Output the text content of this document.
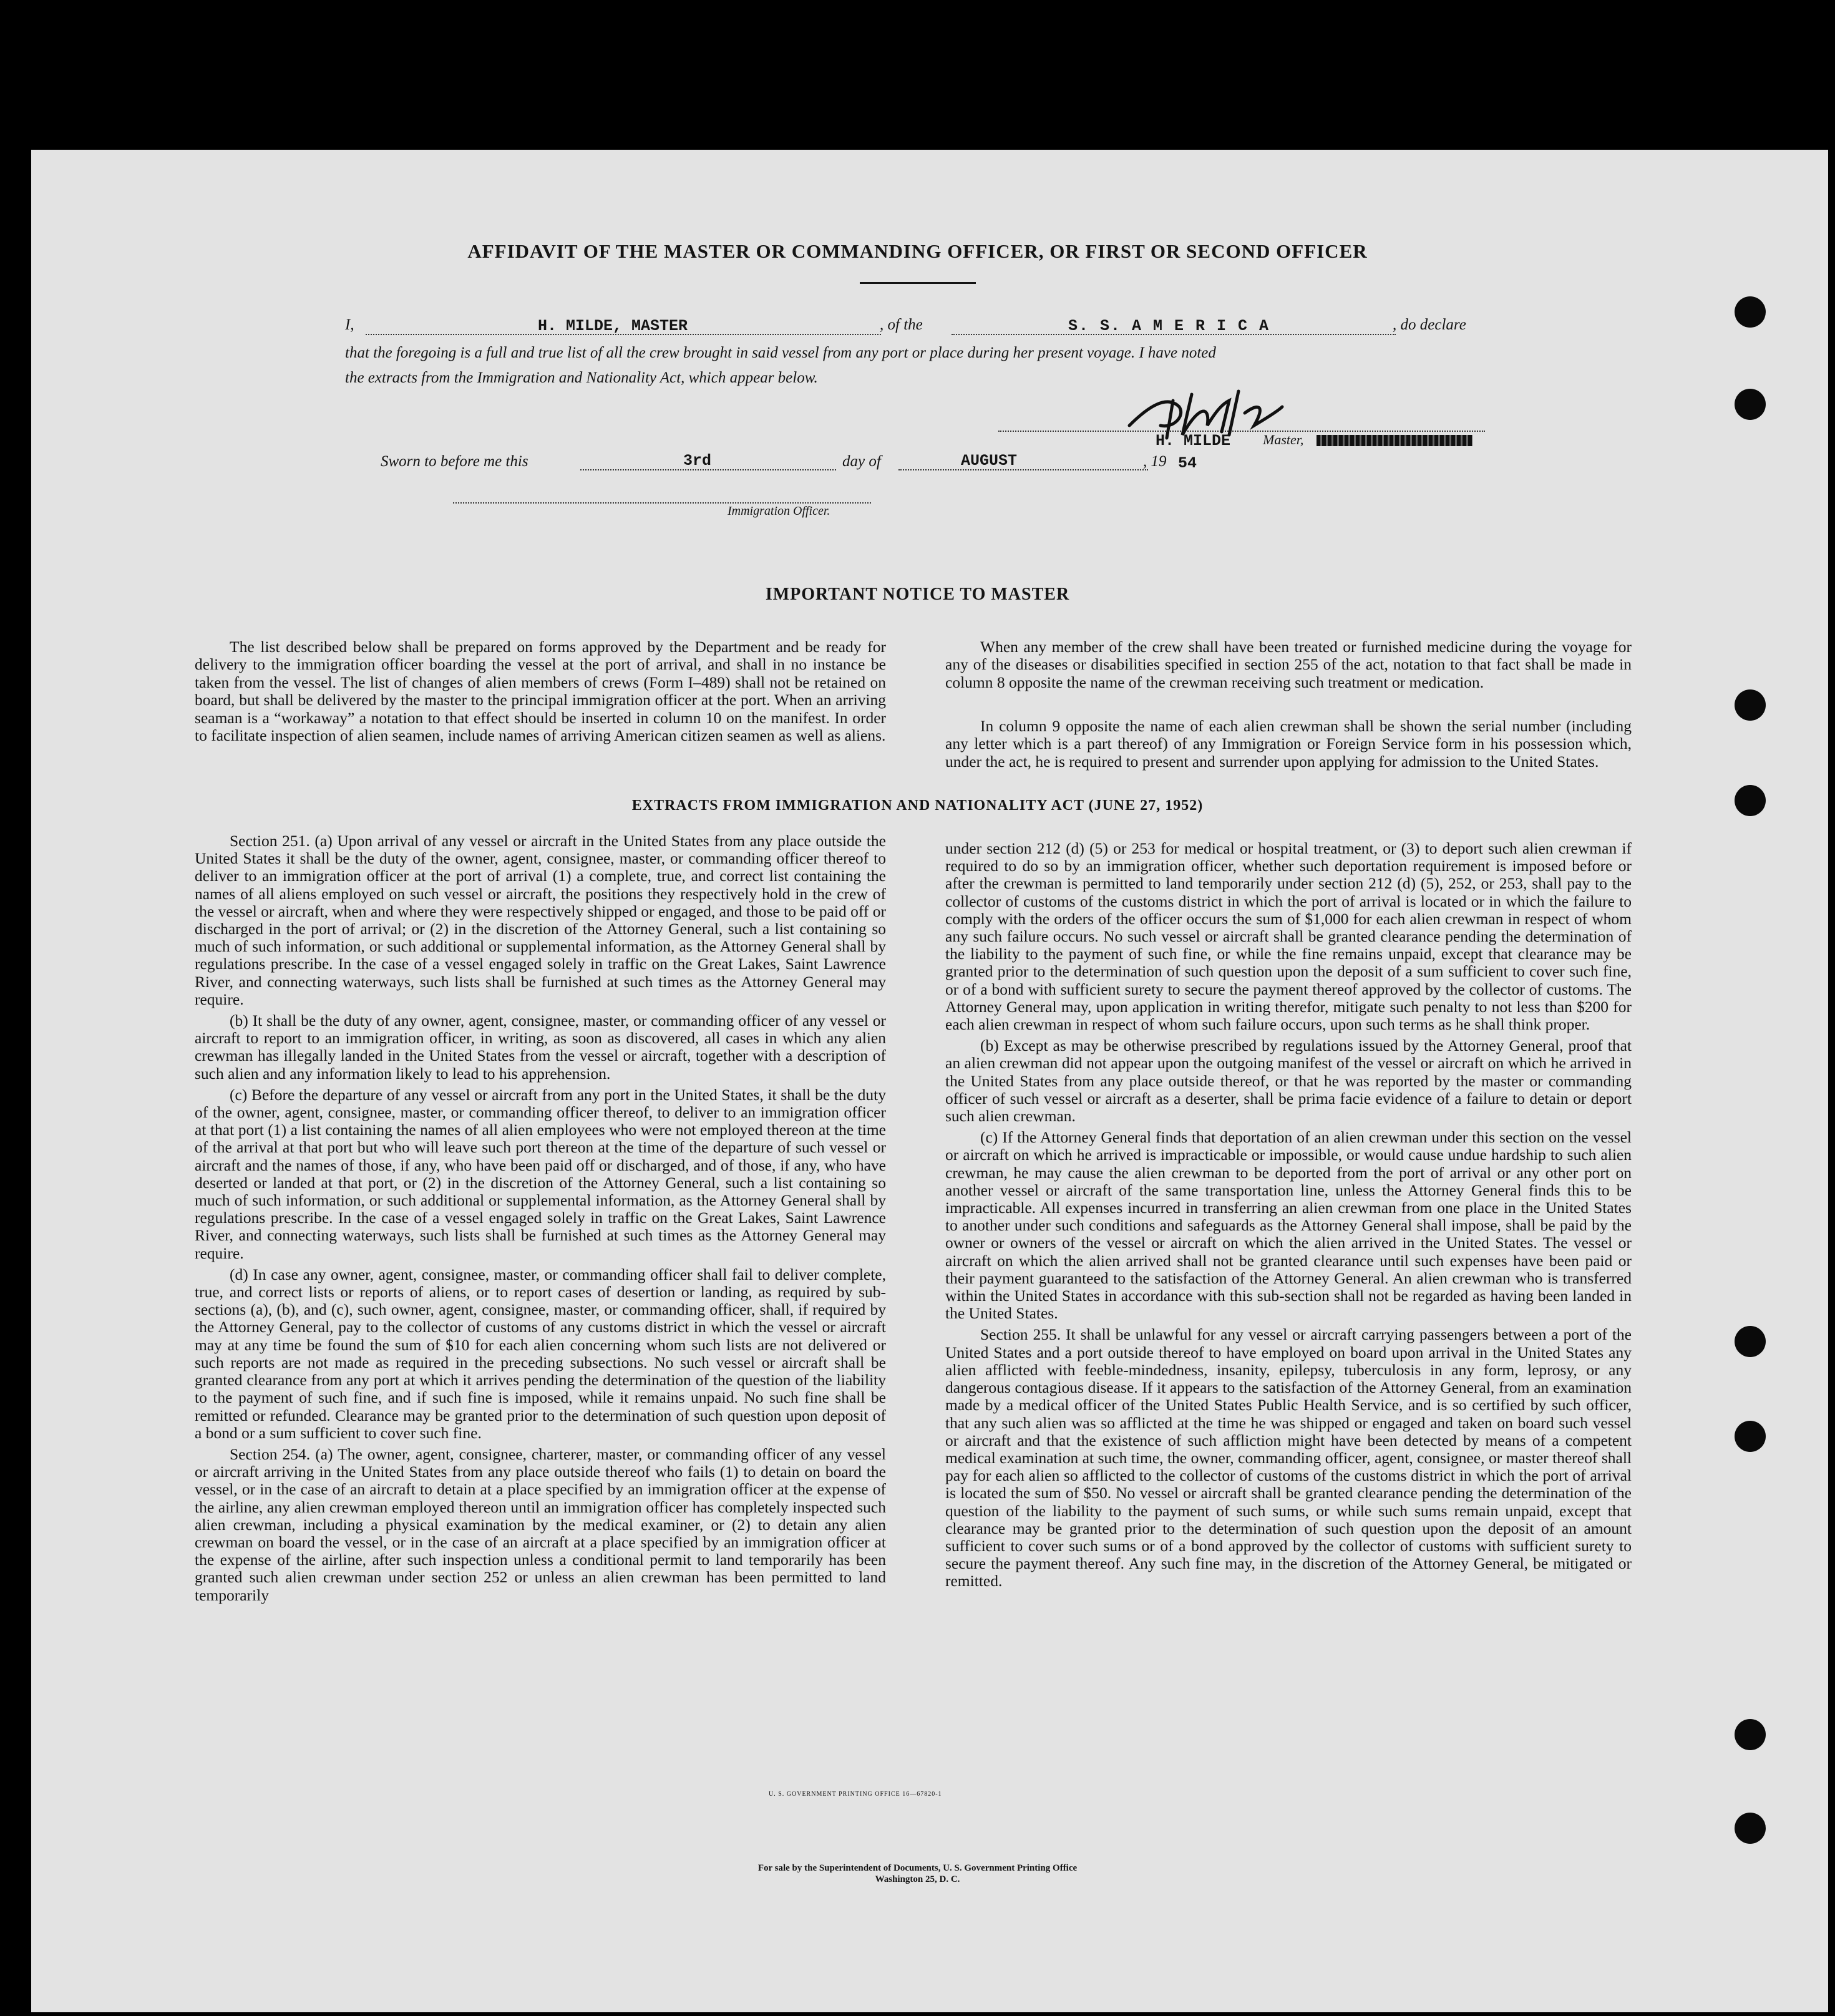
AFFIDAVIT OF THE MASTER OR COMMANDING OFFICER, OR FIRST OR SECOND OFFICER
I,	H. MILDE, MASTER	, of the	S. S. A M E R I C A	, do declare
that the foregoing is a full and true list of all the crew brought in said vessel from any port or place during her present voyage. I have noted
the extracts from the Immigration and Nationality Act, which appear below.
H. MILDE Master,
Sworn to before me this	3rd	day of	AUGUST	, 19 54
Immigration Officer.
IMPORTANT NOTICE TO MASTER

The list described below shall be prepared on forms approved by the Department and be ready for delivery to the immigration officer boarding the vessel at the port of arrival, and shall in no instance be taken from the vessel. The list of changes of alien members of crews (Form I–489) shall not be retained on board, but shall be delivered by the master to the principal immigration officer at the port. When an arriving seaman is a “workaway” a notation to that effect should be inserted in column 10 on the manifest. In order to facilitate inspection of alien seamen, include names of arriving American citizen seamen as well as aliens.

When any member of the crew shall have been treated or furnished medicine during the voyage for any of the diseases or disabilities specified in section 255 of the act, notation to that fact shall be made in column 8 opposite the name of the crewman receiving such treatment or medication.

In column 9 opposite the name of each alien crewman shall be shown the serial number (including any letter which is a part thereof) of any Immigration or Foreign Service form in his possession which, under the act, he is required to present and surrender upon applying for admission to the United States.

EXTRACTS FROM IMMIGRATION AND NATIONALITY ACT (JUNE 27, 1952)

Section 251. (a) Upon arrival of any vessel or aircraft in the United States from any place outside the United States it shall be the duty of the owner, agent, consignee, master, or commanding officer thereof to deliver to an immigration officer at the port of arrival (1) a complete, true, and correct list containing the names of all aliens employed on such vessel or aircraft, the positions they respectively hold in the crew of the vessel or aircraft, when and where they were respectively shipped or engaged, and those to be paid off or discharged in the port of arrival; or (2) in the discretion of the Attorney General, such a list containing so much of such information, or such additional or supplemental information, as the Attorney General shall by regulations prescribe. In the case of a vessel engaged solely in traffic on the Great Lakes, Saint Lawrence River, and connecting waterways, such lists shall be furnished at such times as the Attorney General may require.

(b) It shall be the duty of any owner, agent, consignee, master, or commanding officer of any vessel or aircraft to report to an immigration officer, in writing, as soon as discovered, all cases in which any alien crewman has illegally landed in the United States from the vessel or aircraft, together with a description of such alien and any information likely to lead to his apprehension.

(c) Before the departure of any vessel or aircraft from any port in the United States, it shall be the duty of the owner, agent, consignee, master, or commanding officer thereof, to deliver to an immigration officer at that port (1) a list containing the names of all alien employees who were not employed thereon at the time of the arrival at that port but who will leave such port thereon at the time of the departure of such vessel or aircraft and the names of those, if any, who have been paid off or discharged, and of those, if any, who have deserted or landed at that port, or (2) in the discretion of the Attorney General, such a list containing so much of such information, or such additional or supplemental information, as the Attorney General shall by regulations prescribe. In the case of a vessel engaged solely in traffic on the Great Lakes, Saint Lawrence River, and connecting waterways, such lists shall be furnished at such times as the Attorney General may require.

(d) In case any owner, agent, consignee, master, or commanding officer shall fail to deliver complete, true, and correct lists or reports of aliens, or to report cases of desertion or landing, as required by sub-sections (a), (b), and (c), such owner, agent, consignee, master, or commanding officer, shall, if required by the Attorney General, pay to the collector of customs of any customs district in which the vessel or aircraft may at any time be found the sum of $10 for each alien concerning whom such lists are not delivered or such reports are not made as required in the preceding subsections. No such vessel or aircraft shall be granted clearance from any port at which it arrives pending the determination of the question of the liability to the payment of such fine, and if such fine is imposed, while it remains unpaid. No such fine shall be remitted or refunded. Clearance may be granted prior to the determination of such question upon deposit of a bond or a sum sufficient to cover such fine.

Section 254. (a) The owner, agent, consignee, charterer, master, or commanding officer of any vessel or aircraft arriving in the United States from any place outside thereof who fails (1) to detain on board the vessel, or in the case of an aircraft to detain at a place specified by an immigration officer at the expense of the airline, any alien crewman employed thereon until an immigration officer has completely inspected such alien crewman, including a physical examination by the medical examiner, or (2) to detain any alien crewman on board the vessel, or in the case of an aircraft at a place specified by an immigration officer at the expense of the airline, after such inspection unless a conditional permit to land temporarily has been granted such alien crewman under section 252 or unless an alien crewman has been permitted to land temporarily

under section 212 (d) (5) or 253 for medical or hospital treatment, or (3) to deport such alien crewman if required to do so by an immigration officer, whether such deportation requirement is imposed before or after the crewman is permitted to land temporarily under section 212 (d) (5), 252, or 253, shall pay to the collector of customs of the customs district in which the port of arrival is located or in which the failure to comply with the orders of the officer occurs the sum of $1,000 for each alien crewman in respect of whom any such failure occurs. No such vessel or aircraft shall be granted clearance pending the determination of the liability to the payment of such fine, or while the fine remains unpaid, except that clearance may be granted prior to the determination of such question upon the deposit of a sum sufficient to cover such fine, or of a bond with sufficient surety to secure the payment thereof approved by the collector of customs. The Attorney General may, upon application in writing therefor, mitigate such penalty to not less than $200 for each alien crewman in respect of whom such failure occurs, upon such terms as he shall think proper.

(b) Except as may be otherwise prescribed by regulations issued by the Attorney General, proof that an alien crewman did not appear upon the outgoing manifest of the vessel or aircraft on which he arrived in the United States from any place outside thereof, or that he was reported by the master or commanding officer of such vessel or aircraft as a deserter, shall be prima facie evidence of a failure to detain or deport such alien crewman.

(c) If the Attorney General finds that deportation of an alien crewman under this section on the vessel or aircraft on which he arrived is impracticable or impossible, or would cause undue hardship to such alien crewman, he may cause the alien crewman to be deported from the port of arrival or any other port on another vessel or aircraft of the same transportation line, unless the Attorney General finds this to be impracticable. All expenses incurred in transferring an alien crewman from one place in the United States to another under such conditions and safeguards as the Attorney General shall impose, shall be paid by the owner or owners of the vessel or aircraft on which the alien arrived in the United States. The vessel or aircraft on which the alien arrived shall not be granted clearance until such expenses have been paid or their payment guaranteed to the satisfaction of the Attorney General. An alien crewman who is transferred within the United States in accordance with this sub-section shall not be regarded as having been landed in the United States.

Section 255. It shall be unlawful for any vessel or aircraft carrying passengers between a port of the United States and a port outside thereof to have employed on board upon arrival in the United States any alien afflicted with feeble-mindedness, insanity, epilepsy, tuberculosis in any form, leprosy, or any dangerous contagious disease. If it appears to the satisfaction of the Attorney General, from an examination made by a medical officer of the United States Public Health Service, and is so certified by such officer, that any such alien was so afflicted at the time he was shipped or engaged and taken on board such vessel or aircraft and that the existence of such affliction might have been detected by means of a competent medical examination at such time, the owner, commanding officer, agent, consignee, or master thereof shall pay for each alien so afflicted to the collector of customs of the customs district in which the port of arrival is located the sum of $50. No vessel or aircraft shall be granted clearance pending the determination of the question of the liability to the payment of such sums, or while such sums remain unpaid, except that clearance may be granted prior to the determination of such question upon the deposit of an amount sufficient to cover such sums or of a bond approved by the collector of customs with sufficient surety to secure the payment thereof. Any such fine may, in the discretion of the Attorney General, be mitigated or remitted.

U. S. GOVERNMENT PRINTING OFFICE 16—67820-1
For sale by the Superintendent of Documents, U. S. Government Printing Office
Washington 25, D. C.
